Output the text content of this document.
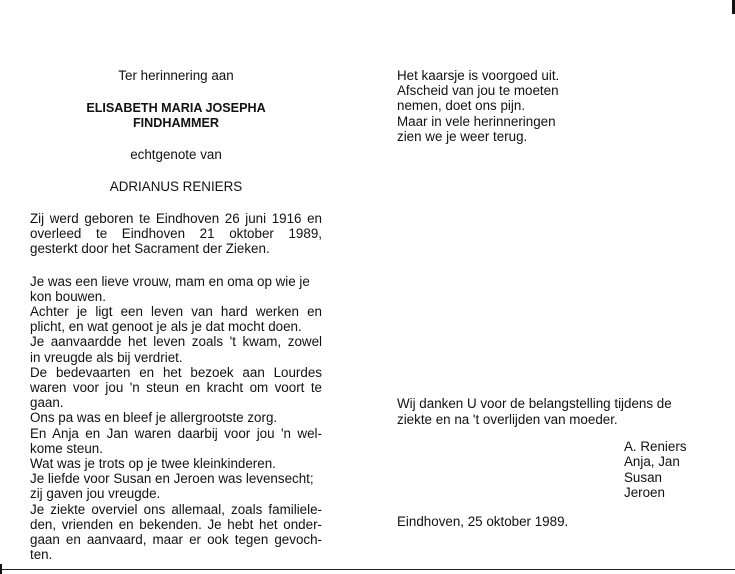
Ter herinnering aan
ELISABETH MARIA JOSEPHA
FINDHAMMER
echtgenote van
ADRIANUS RENIERS

Zij werd geboren te Eindhoven 26 juni 1916 en
overleed te Eindhoven 21 oktober 1989,
gesterkt door het Sacrament der Zieken.

Je was een lieve vrouw, mam en oma op wie je
kon bouwen.
Achter je ligt een leven van hard werken en
plicht, en wat genoot je als je dat mocht doen.
Je aanvaardde het leven zoals 't kwam, zowel
in vreugde als bij verdriet.
De bedevaarten en het bezoek aan Lourdes
waren voor jou 'n steun en kracht om voort te
gaan.
Ons pa was en bleef je allergrootste zorg.
En Anja en Jan waren daarbij voor jou 'n wel-
kome steun.
Wat was je trots op je twee kleinkinderen.
Je liefde voor Susan en Jeroen was levensecht;
zij gaven jou vreugde.
Je ziekte overviel ons allemaal, zoals familiele-
den, vrienden en bekenden. Je hebt het onder-
gaan en aanvaard, maar er ook tegen gevoch-
ten.

Het kaarsje is voorgoed uit.
Afscheid van jou te moeten
nemen, doet ons pijn.
Maar in vele herinneringen
zien we je weer terug.
Wij danken U voor de belangstelling tijdens de
ziekte en na 't overlijden van moeder.
A. Reniers
Anja, Jan
Susan
Jeroen
Eindhoven, 25 oktober 1989.
